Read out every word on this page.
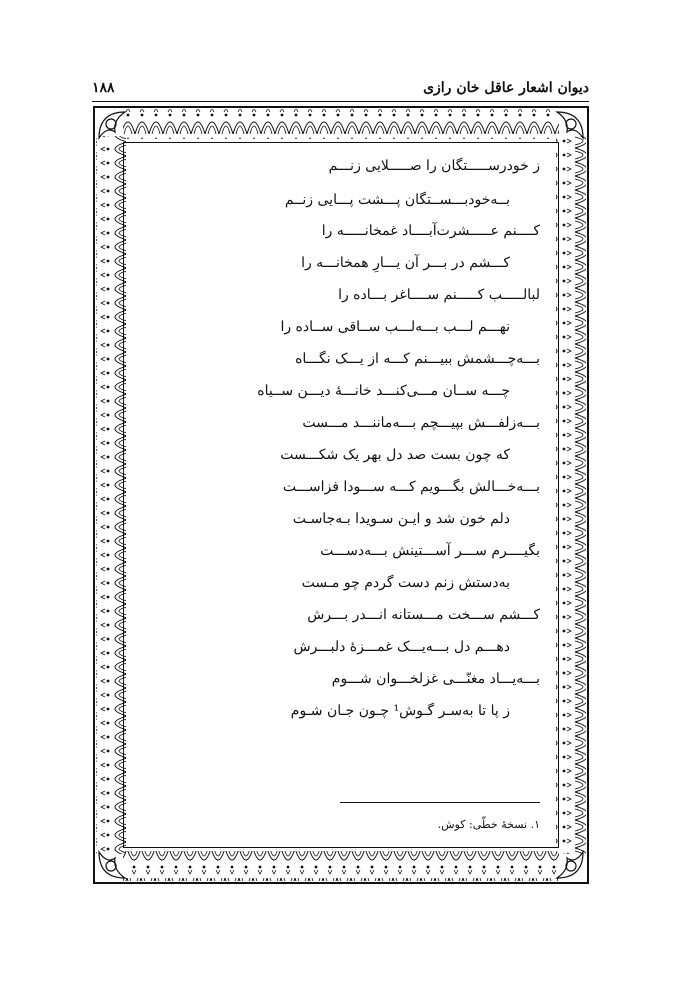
دیوان اشعار عاقل خان رازی
۱۸۸
ز خودرســـــتگان را صـــــلایی زنـــم
بــه‌خودبـــســتگان پـــشت پـــایی زنــم
کــــنم عـــــشرت‌آبــــاد غمخانـــــه را
کـــشم در بـــر آن یـــارِ همخانـــه را
لبالـــــب کـــــنم ســــاغر بـــاده را
نهـــم لـــب بـــه‌لـــب ســاقی ســاده را
بـــه‌چـــشمش ببیـــنم کـــه از یـــک نگـــاه
چـــه ســان مـــی‌کنـــد خانـــهٔ دیـــن ســیاه
بـــه‌زلفـــش بپیـــچم بـــه‌ماننـــد مـــست
که چون بست صد دل بهر یک شکـــست
بـــه‌خـــالش بگـــویم کـــه ســـودا فزاســـت
دلم خون شد و ایـن سـویدا بـه‌جاسـت
بگیــــرم ســـر آســـتینش بـــه‌دســـت
به‌دستش زنم دست گردم چو مـست
کـــشم ســـخت مـــستانه انـــدر بـــرش
دهـــم دل بـــه‌یـــک غمـــزهٔ دلبـــرش
بـــه‌یـــاد مغنّـــی غزلخـــوان شـــوم
ز پا تا به‌سـر گـوش¹ چـون جـان شـوم
۱. نسخهٔ خطّی: کوش.
